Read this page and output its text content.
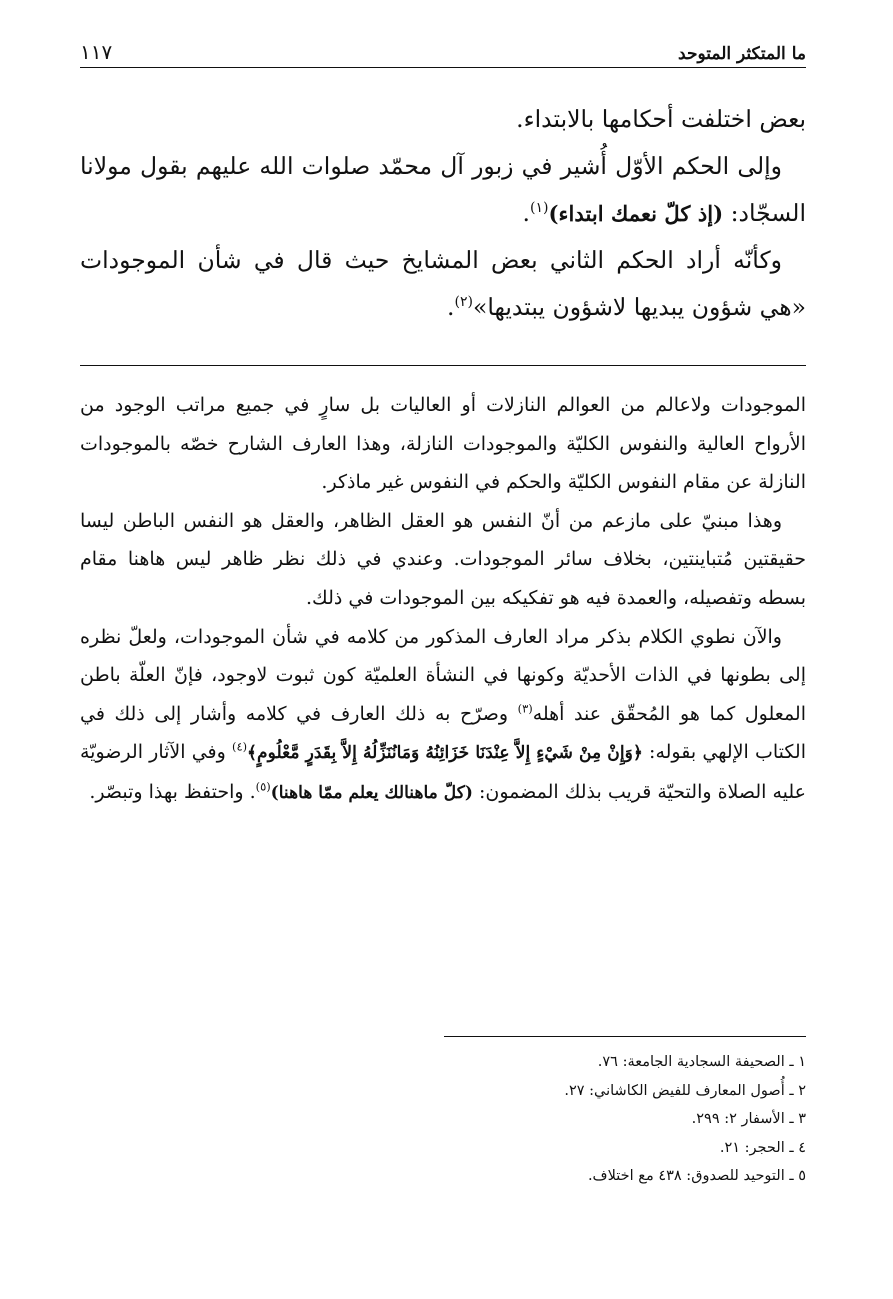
ما المتكثر المتوحد
١١٧

بعض اختلفت أحكامها بالابتداء.

وإلى الحكم الأوّل أُشير في زبور آل محمّد صلوات الله عليهم بقول مولانا السجّاد: (إذ كلّ نعمك ابتداء)$^{(١)}$.

وكأنّه أراد الحكم الثاني بعض المشايخ حيث قال في شأن الموجودات «هي شؤون يبديها لاشؤون يبتديها»$^{(٢)}$.

الموجودات ولاعالم من العوالم النازلات أو العاليات بل سارٍ في جميع مراتب الوجود من الأرواح العالية والنفوس الكليّة والموجودات النازلة، وهذا العارف الشارح خصّه بالموجودات النازلة عن مقام النفوس الكليّة والحكم في النفوس غير ماذكر.

وهذا مبنيّ على مازعم من أنّ النفس هو العقل الظاهر، والعقل هو النفس الباطن ليسا حقيقتين مُتباينتين، بخلاف سائر الموجودات. وعندي في ذلك نظر ظاهر ليس هاهنا مقام بسطه وتفصيله، والعمدة فيه هو تفكيكه بين الموجودات في ذلك.

والآن نطوي الكلام بذكر مراد العارف المذكور من كلامه في شأن الموجودات، ولعلّ نظره إلى بطونها في الذات الأحديّة وكونها في النشأة العلميّة كون ثبوت لاوجود، فإنّ العلّة باطن المعلول كما هو المُحقّق عند أهله$^{(٣)}$ وصرّح به ذلك العارف في كلامه وأشار إلى ذلك في الكتاب الإلهي بقوله: ﴿وَإِنْ مِنْ شَيْءٍ إِلاَّ عِنْدَنَا خَزَائِنُهُ وَمَانُنَزِّلُهُ إِلاَّ بِقَدَرٍ مَّعْلُومٍ﴾$^{(٤)}$ وفي الآثار الرضويّة عليه الصلاة والتحيّة قريب بذلك المضمون: (كلّ ماهنالك يعلم ممّا هاهنا)$^{(٥)}$. واحتفظ بهذا وتبصّر.

١ ـ الصحيفة السجادية الجامعة: ٧٦.
٢ ـ أُصول المعارف للفيض الكاشاني: ٢٧.
٣ ـ الأسفار ٢: ٢٩٩.
٤ ـ الحجر: ٢١.
٥ ـ التوحيد للصدوق: ٤٣٨ مع اختلاف.
